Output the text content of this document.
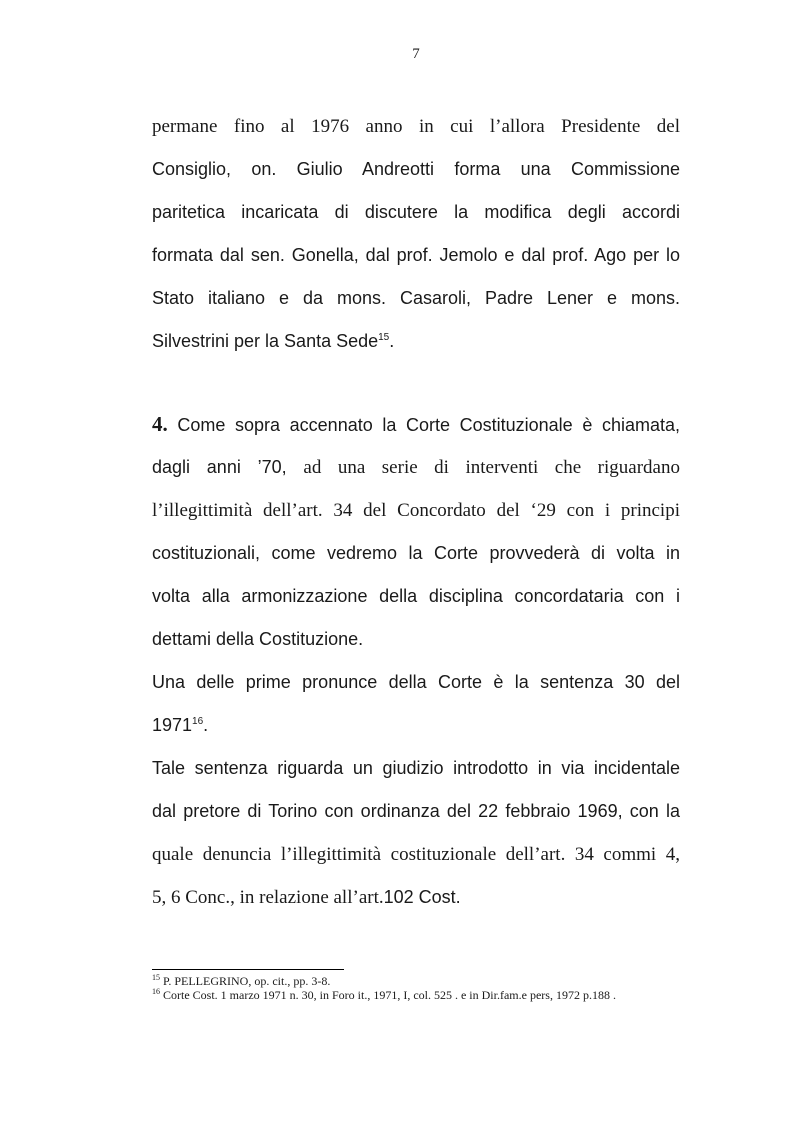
7
permane fino al 1976 anno in cui l’allora Presidente del
Consiglio, on. Giulio Andreotti forma una Commissione
paritetica incaricata di discutere la modifica degli accordi
formata dal sen. Gonella, dal prof. Jemolo e dal prof. Ago per lo
Stato italiano e da mons. Casaroli, Padre Lener e mons.
Silvestrini per la Santa Sede$^{15}$.
4. Come sopra accennato la Corte Costituzionale è chiamata,
dagli anni ’70, ad una serie di interventi che riguardano
l’illegittimità dell’art. 34 del Concordato del ‘29 con i principi
costituzionali, come vedremo la Corte provvederà di volta in
volta alla armonizzazione della disciplina concordataria con i
dettami della Costituzione.
Una delle prime pronunce della Corte è la sentenza 30 del
1971$^{16}$.
Tale sentenza riguarda un giudizio introdotto in via incidentale
dal pretore di Torino con ordinanza del 22 febbraio 1969, con la
quale denuncia l’illegittimità costituzionale dell’art. 34 commi 4,
5, 6 Conc., in relazione all’art.102 Cost.
$^{15}$ P. PELLEGRINO, op. cit., pp. 3-8.
$^{16}$ Corte Cost. 1 marzo 1971 n. 30, in Foro it., 1971, I, col. 525 . e in Dir.fam.e pers, 1972 p.188 .
